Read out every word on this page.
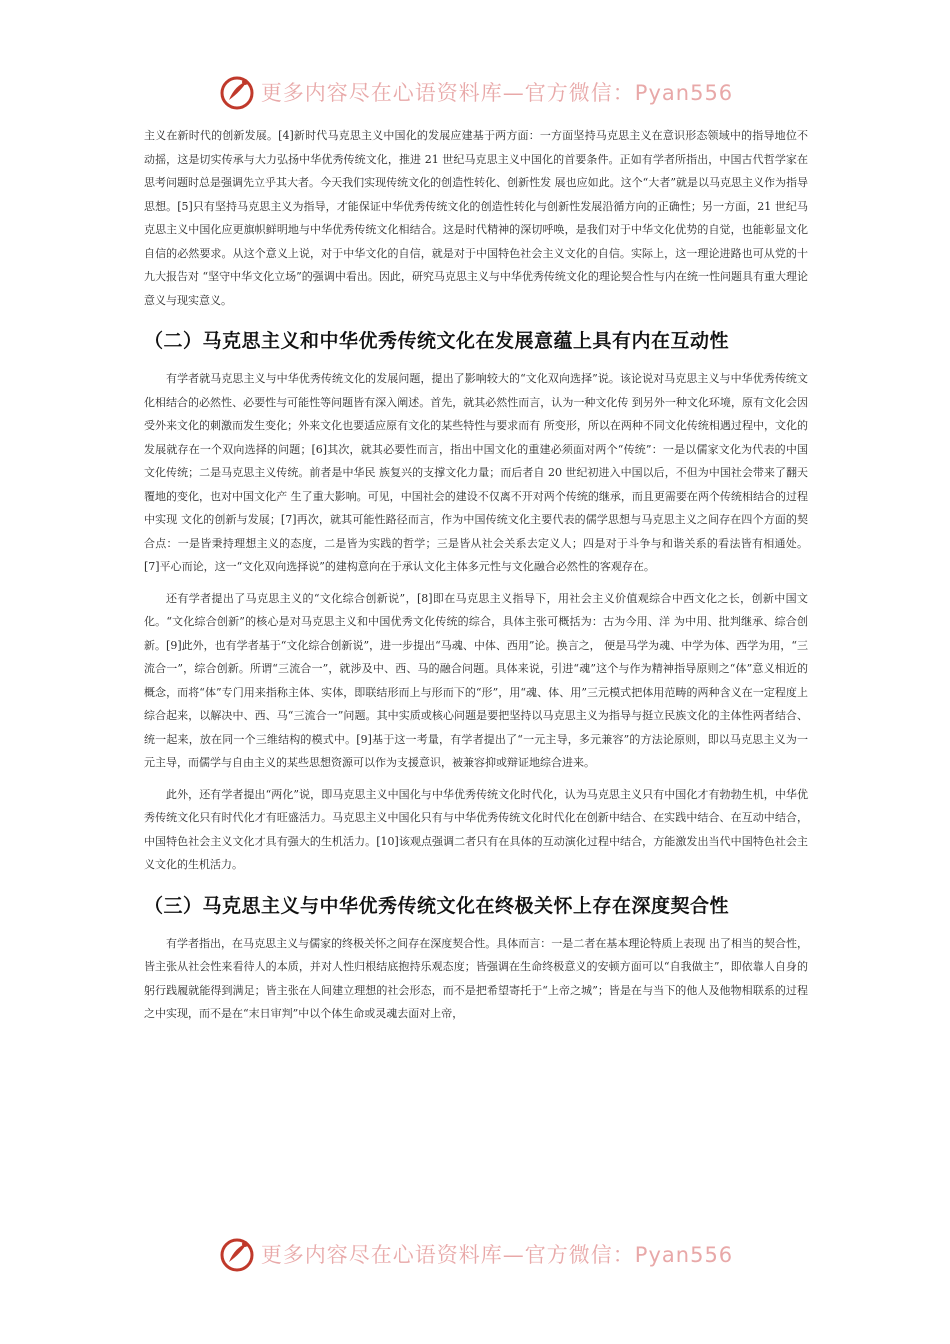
更多内容尽在心语资料库—官方微信：Pyan556

主义在新时代的创新发展。[4]新时代马克思主义中国化的发展应建基于两方面：一方面坚持马克思主义在意识形态领域中的指导地位不动摇，这是切实传承与大力弘扬中华优秀传统文化，推进 21 世纪马克思主义中国化的首要条件。正如有学者所指出，中国古代哲学家在思考问题时总是强调先立乎其大者。今天我们实现传统文化的创造性转化、创新性发 展也应如此。这个“大者”就是以马克思主义作为指导思想。[5]只有坚持马克思主义为指导，才能保证中华优秀传统文化的创造性转化与创新性发展沿循方向的正确性；另一方面，21 世纪马克思主义中国化应更旗帜鲜明地与中华优秀传统文化相结合。这是时代精神的深切呼唤，是我们对于中华文化优势的自觉，也能彰显文化自信的必然要求。从这个意义上说，对于中华文化的自信，就是对于中国特色社会主义文化的自信。实际上，这一理论进路也可从党的十九大报告对 “坚守中华文化立场”的强调中看出。因此，研究马克思主义与中华优秀传统文化的理论契合性与内在统一性问题具有重大理论意义与现实意义。

（二）马克思主义和中华优秀传统文化在发展意蕴上具有内在互动性

有学者就马克思主义与中华优秀传统文化的发展问题，提出了影响较大的“文化双向选择”说。该论说对马克思主义与中华优秀传统文化相结合的必然性、必要性与可能性等问题皆有深入阐述。首先，就其必然性而言，认为一种文化传 到另外一种文化环境，原有文化会因受外来文化的刺激而发生变化；外来文化也要适应原有文化的某些特性与要求而有 所变形，所以在两种不同文化传统相遇过程中，文化的发展就存在一个双向选择的问题；[6]其次，就其必要性而言，指出中国文化的重建必须面对两个“传统”：一是以儒家文化为代表的中国文化传统；二是马克思主义传统。前者是中华民 族复兴的支撑文化力量；而后者自 20 世纪初进入中国以后，不但为中国社会带来了翻天覆地的变化，也对中国文化产 生了重大影响。可见，中国社会的建设不仅离不开对两个传统的继承，而且更需要在两个传统相结合的过程中实现 文化的创新与发展；[7]再次，就其可能性路径而言，作为中国传统文化主要代表的儒学思想与马克思主义之间存在四个方面的契合点：一是皆秉持理想主义的态度，二是皆为实践的哲学；三是皆从社会关系去定义人；四是对于斗争与和谐关系的看法皆有相通处。[7]平心而论，这一“文化双向选择说”的建构意向在于承认文化主体多元性与文化融合必然性的客观存在。

还有学者提出了马克思主义的“文化综合创新说”，[8]即在马克思主义指导下，用社会主义价值观综合中西文化之长，创新中国文化。“文化综合创新”的核心是对马克思主义和中国优秀文化传统的综合，具体主张可概括为：古为今用、洋 为中用、批判继承、综合创新。[9]此外，也有学者基于“文化综合创新说”，进一步提出“马魂、中体、西用”论。换言之， 便是马学为魂、中学为体、西学为用，“三流合一”，综合创新。所谓“三流合一”，就涉及中、西、马的融合问题。具体来说，引进“魂”这个与作为精神指导原则之“体”意义相近的概念，而将“体”专门用来指称主体、实体，即联结形而上与形而下的“形”，用“魂、体、用”三元模式把体用范畴的两种含义在一定程度上综合起来，以解决中、西、马“三流合一”问题。其中实质或核心问题是要把坚持以马克思主义为指导与挺立民族文化的主体性两者结合、统一起来，放在同一个三维结构的模式中。[9]基于这一考量，有学者提出了“一元主导，多元兼容”的方法论原则，即以马克思主义为一元主导，而儒学与自由主义的某些思想资源可以作为支援意识，被兼容抑或辩证地综合进来。

此外，还有学者提出“两化”说，即马克思主义中国化与中华优秀传统文化时代化，认为马克思主义只有中国化才有勃勃生机，中华优秀传统文化只有时代化才有旺盛活力。马克思主义中国化只有与中华优秀传统文化时代化在创新中结合、在实践中结合、在互动中结合，中国特色社会主义文化才具有强大的生机活力。[10]该观点强调二者只有在具体的互动演化过程中结合，方能激发出当代中国特色社会主义文化的生机活力。

（三）马克思主义与中华优秀传统文化在终极关怀上存在深度契合性

有学者指出，在马克思主义与儒家的终极关怀之间存在深度契合性。具体而言：一是二者在基本理论特质上表现 出了相当的契合性，皆主张从社会性来看待人的本质，并对人性归根结底抱持乐观态度；皆强调在生命终极意义的安顿方面可以“自我做主”，即依靠人自身的躬行践履就能得到满足；皆主张在人间建立理想的社会形态，而不是把希望寄托于“上帝之城”；皆是在与当下的他人及他物相联系的过程之中实现，而不是在“末日审判”中以个体生命或灵魂去面对上帝，

更多内容尽在心语资料库—官方微信：Pyan556
